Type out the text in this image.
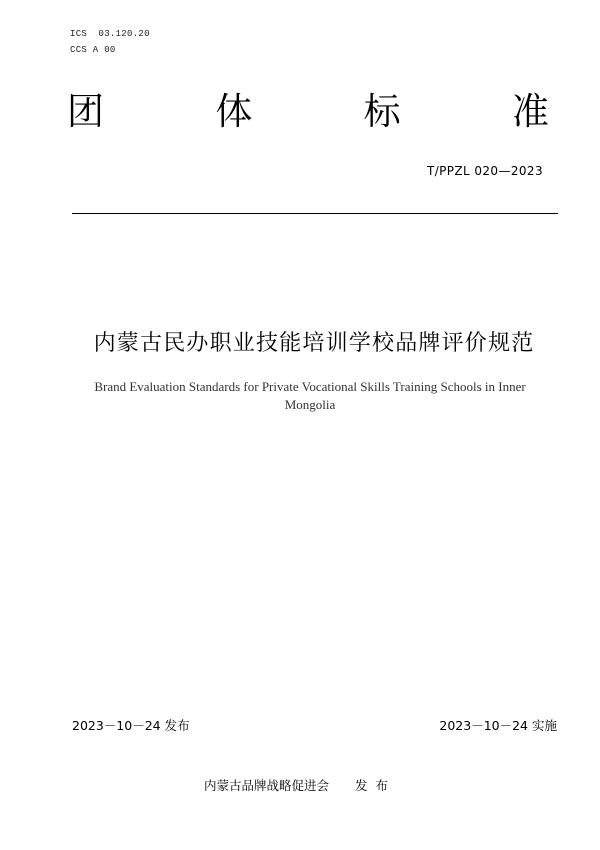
ICS  03.120.20
CCS A 00
团	体	标	准
T/PPZL 020—2023
内蒙古民办职业技能培训学校品牌评价规范
Brand Evaluation Standards for Private Vocational Skills Training Schools in Inner
Mongolia
2023－10－24 发布	2023－10－24 实施
内蒙古品牌战略促进会 发布
